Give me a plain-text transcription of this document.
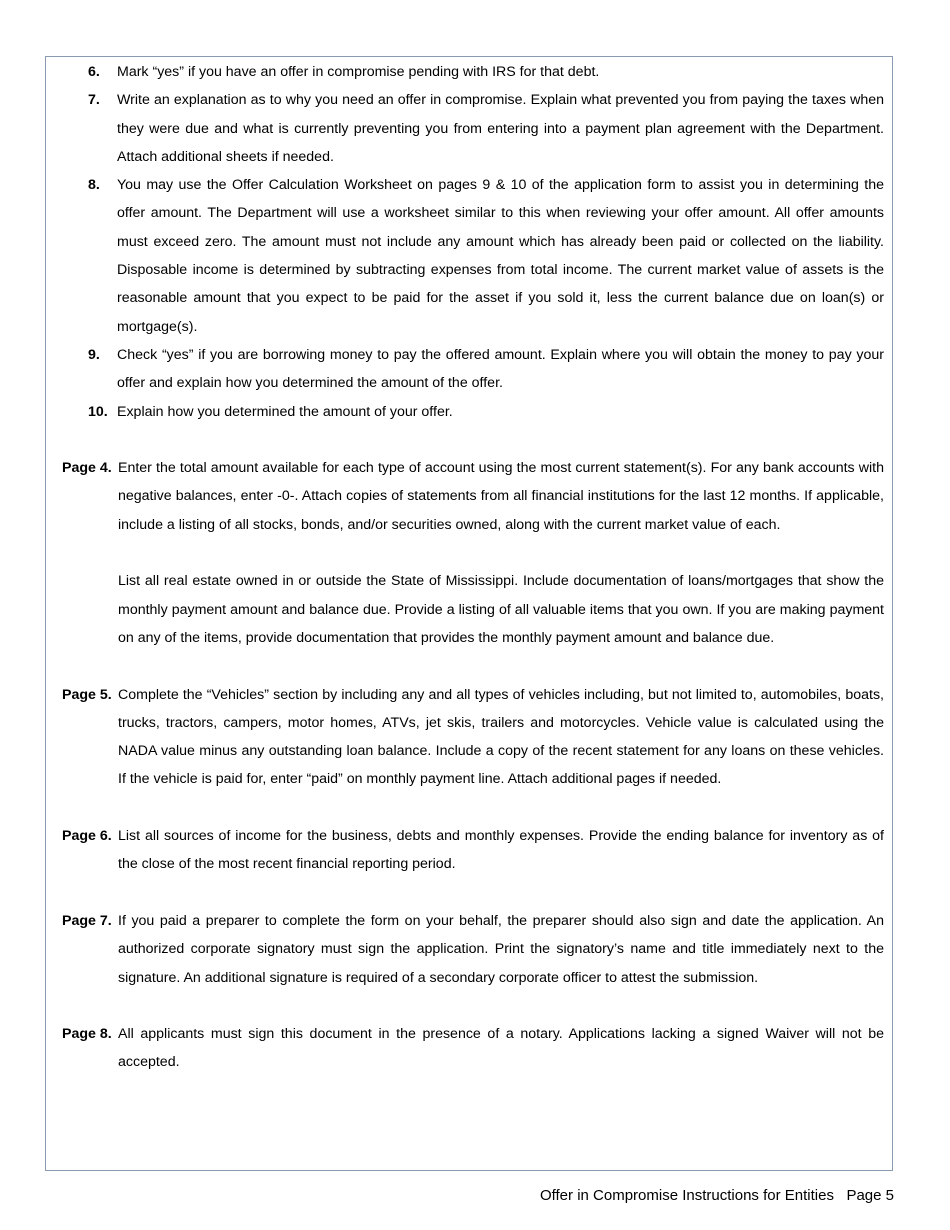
6. Mark “yes” if you have an offer in compromise pending with IRS for that debt.
7. Write an explanation as to why you need an offer in compromise. Explain what prevented you from paying the taxes when they were due and what is currently preventing you from entering into a payment plan agreement with the Department. Attach additional sheets if needed.
8. You may use the Offer Calculation Worksheet on pages 9 & 10 of the application form to assist you in determining the offer amount. The Department will use a worksheet similar to this when reviewing your offer amount. All offer amounts must exceed zero. The amount must not include any amount which has already been paid or collected on the liability. Disposable income is determined by subtracting expenses from total income. The current market value of assets is the reasonable amount that you expect to be paid for the asset if you sold it, less the current balance due on loan(s) or mortgage(s).
9. Check “yes” if you are borrowing money to pay the offered amount. Explain where you will obtain the money to pay your offer and explain how you determined the amount of the offer.
10. Explain how you determined the amount of your offer.
Page 4. Enter the total amount available for each type of account using the most current statement(s). For any bank accounts with negative balances, enter -0-. Attach copies of statements from all financial institutions for the last 12 months. If applicable, include a listing of all stocks, bonds, and/or securities owned, along with the current market value of each.
List all real estate owned in or outside the State of Mississippi. Include documentation of loans/mortgages that show the monthly payment amount and balance due. Provide a listing of all valuable items that you own. If you are making payment on any of the items, provide documentation that provides the monthly payment amount and balance due.
Page 5. Complete the “Vehicles” section by including any and all types of vehicles including, but not limited to, automobiles, boats, trucks, tractors, campers, motor homes, ATVs, jet skis, trailers and motorcycles. Vehicle value is calculated using the NADA value minus any outstanding loan balance. Include a copy of the recent statement for any loans on these vehicles. If the vehicle is paid for, enter “paid” on monthly payment line. Attach additional pages if needed.
Page 6. List all sources of income for the business, debts and monthly expenses. Provide the ending balance for inventory as of the close of the most recent financial reporting period.
Page 7. If you paid a preparer to complete the form on your behalf, the preparer should also sign and date the application. An authorized corporate signatory must sign the application. Print the signatory’s name and title immediately next to the signature. An additional signature is required of a secondary corporate officer to attest the submission.
Page 8. All applicants must sign this document in the presence of a notary. Applications lacking a signed Waiver will not be accepted.
Offer in Compromise Instructions for Entities   Page 5
